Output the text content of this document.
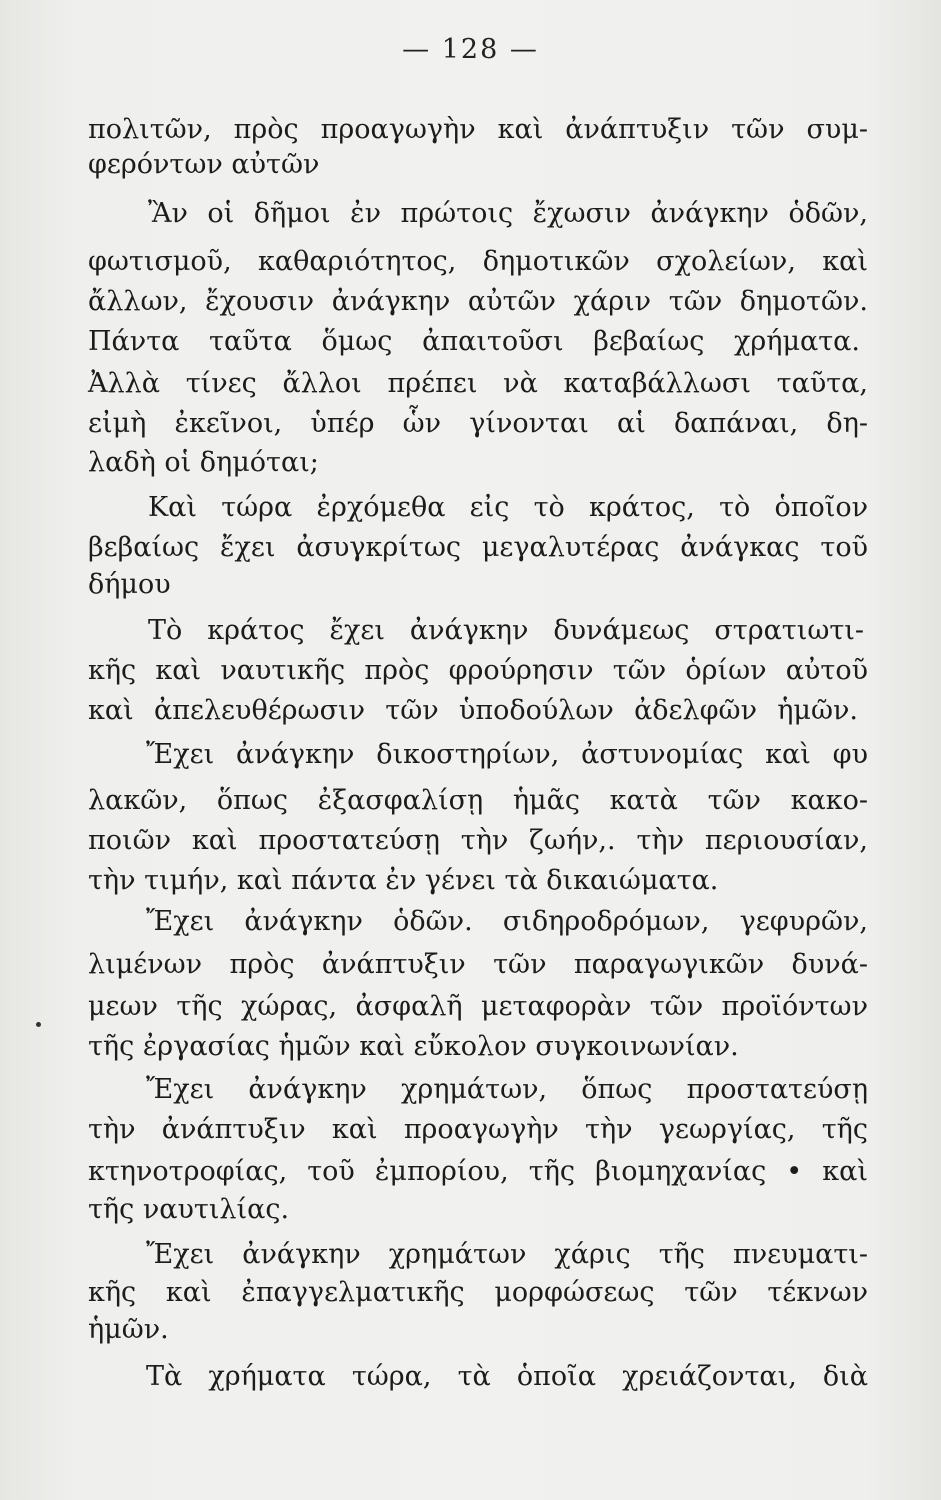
— 128 —
πολιτῶν, πρὸς προαγωγὴν καὶ ἀνάπτυξιν τῶν συμ-
φερόντων αὐτῶν
Ἂν οἱ δῆμοι ἐν πρώτοις ἔχωσιν ἀνάγκην ὁδῶν,
φωτισμοῦ, καθαριότητος, δημοτικῶν σχολείων, καὶ
ἄλλων, ἔχουσιν ἀνάγκην αὐτῶν χάριν τῶν δημοτῶν.
Πάντα ταῦτα ὅμως ἀπαιτοῦσι βεβαίως χρήματα.
Ἀλλὰ τίνες ἄλλοι πρέπει νὰ καταβάλλωσι ταῦτα,
εἰμὴ ἐκεῖνοι, ὑπέρ ὧν γίνονται αἱ δαπάναι, δη-
λαδὴ οἱ δημόται;
Καὶ τώρα ἐρχόμεθα εἰς τὸ κράτος, τὸ ὁποῖον
βεβαίως ἔχει ἀσυγκρίτως μεγαλυτέρας ἀνάγκας τοῦ
δήμου
Τὸ κράτος ἔχει ἀνάγκην δυνάμεως στρατιωτι-
κῆς καὶ ναυτικῆς πρὸς φρούρησιν τῶν ὁρίων αὐτοῦ
καὶ ἀπελευθέρωσιν τῶν ὑποδούλων ἀδελφῶν ἡμῶν.
Ἔχει ἀνάγκην δικοστηρίων, ἀστυνομίας καὶ φυ
λακῶν, ὅπως ἐξασφαλίσῃ ἡμᾶς κατὰ τῶν κακο-
ποιῶν καὶ προστατεύσῃ τὴν ζωήν,. τὴν περιουσίαν,
τὴν τιμήν, καὶ πάντα ἐν γένει τὰ δικαιώματα.
Ἔχει ἀνάγκην ὁδῶν. σιδηροδρόμων, γεφυρῶν,
λιμένων πρὸς ἀνάπτυξιν τῶν παραγωγικῶν δυνά-
μεων τῆς χώρας, ἀσφαλῆ μεταφορὰν τῶν προϊόντων
τῆς ἐργασίας ἡμῶν καὶ εὔκολον συγκοινωνίαν.
Ἔχει ἀνάγκην χρημάτων, ὅπως προστατεύσῃ
τὴν ἀνάπτυξιν καὶ προαγωγὴν τὴν γεωργίας, τῆς
κτηνοτροφίας, τοῦ ἐμπορίου, τῆς βιομηχανίας • καὶ
τῆς ναυτιλίας.
Ἔχει ἀνάγκην χρημάτων χάρις τῆς πνευματι-
κῆς καὶ ἐπαγγελματικῆς μορφώσεως τῶν τέκνων
ἡμῶν.
Τὰ χρήματα τώρα, τὰ ὁποῖα χρειάζονται, διὰ
